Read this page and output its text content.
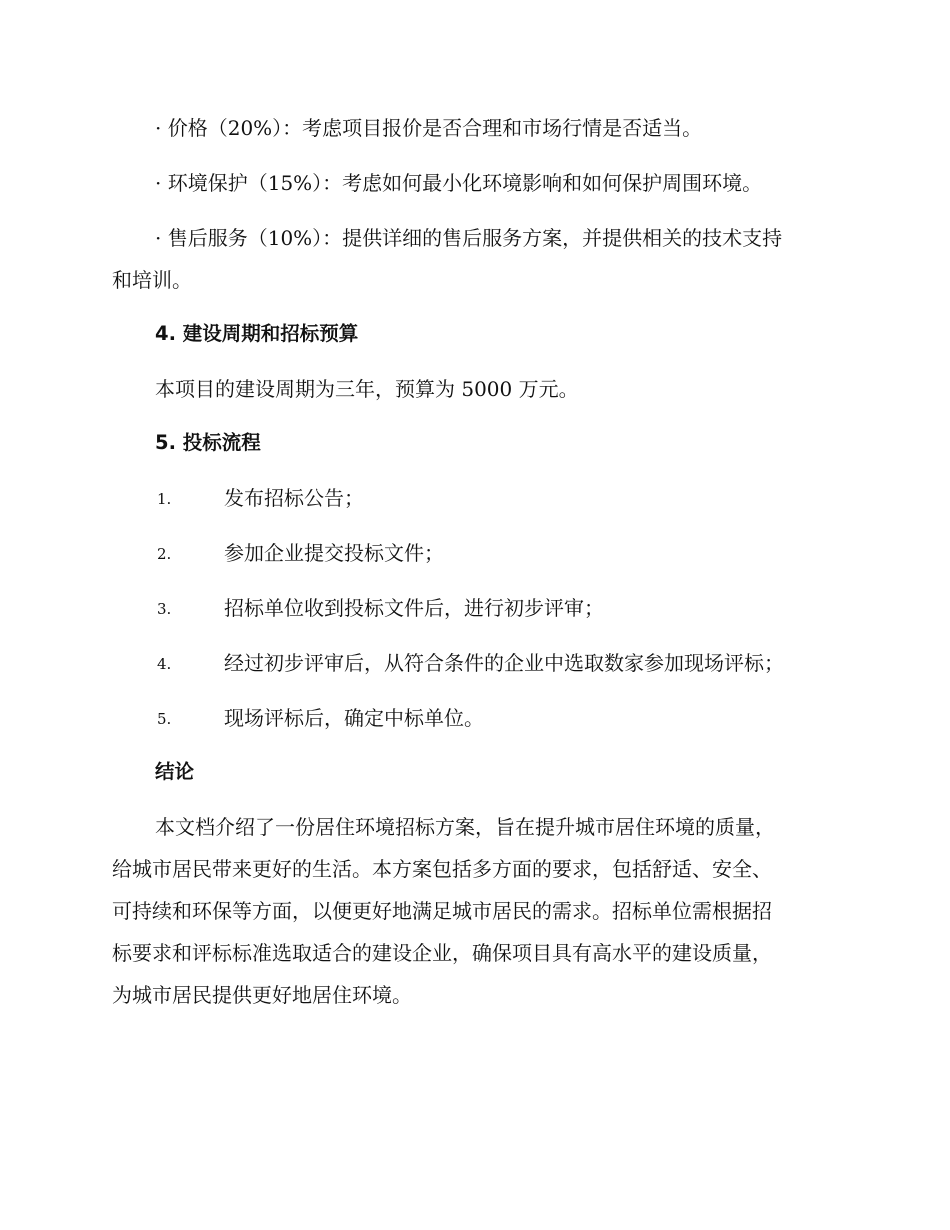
· 价格（20%）：考虑项目报价是否合理和市场行情是否适当。
· 环境保护（15%）：考虑如何最小化环境影响和如何保护周围环境。
· 售后服务（10%）：提供详细的售后服务方案，并提供相关的技术支持
和培训。
4. 建设周期和招标预算
本项目的建设周期为三年，预算为 5000 万元。
5. 投标流程
1.	发布招标公告；
2.	参加企业提交投标文件；
3.	招标单位收到投标文件后，进行初步评审；
4.	经过初步评审后，从符合条件的企业中选取数家参加现场评标；
5.	现场评标后，确定中标单位。
结论
本文档介绍了一份居住环境招标方案，旨在提升城市居住环境的质量，
给城市居民带来更好的生活。本方案包括多方面的要求，包括舒适、安全、
可持续和环保等方面，以便更好地满足城市居民的需求。招标单位需根据招
标要求和评标标准选取适合的建设企业，确保项目具有高水平的建设质量，
为城市居民提供更好地居住环境。
